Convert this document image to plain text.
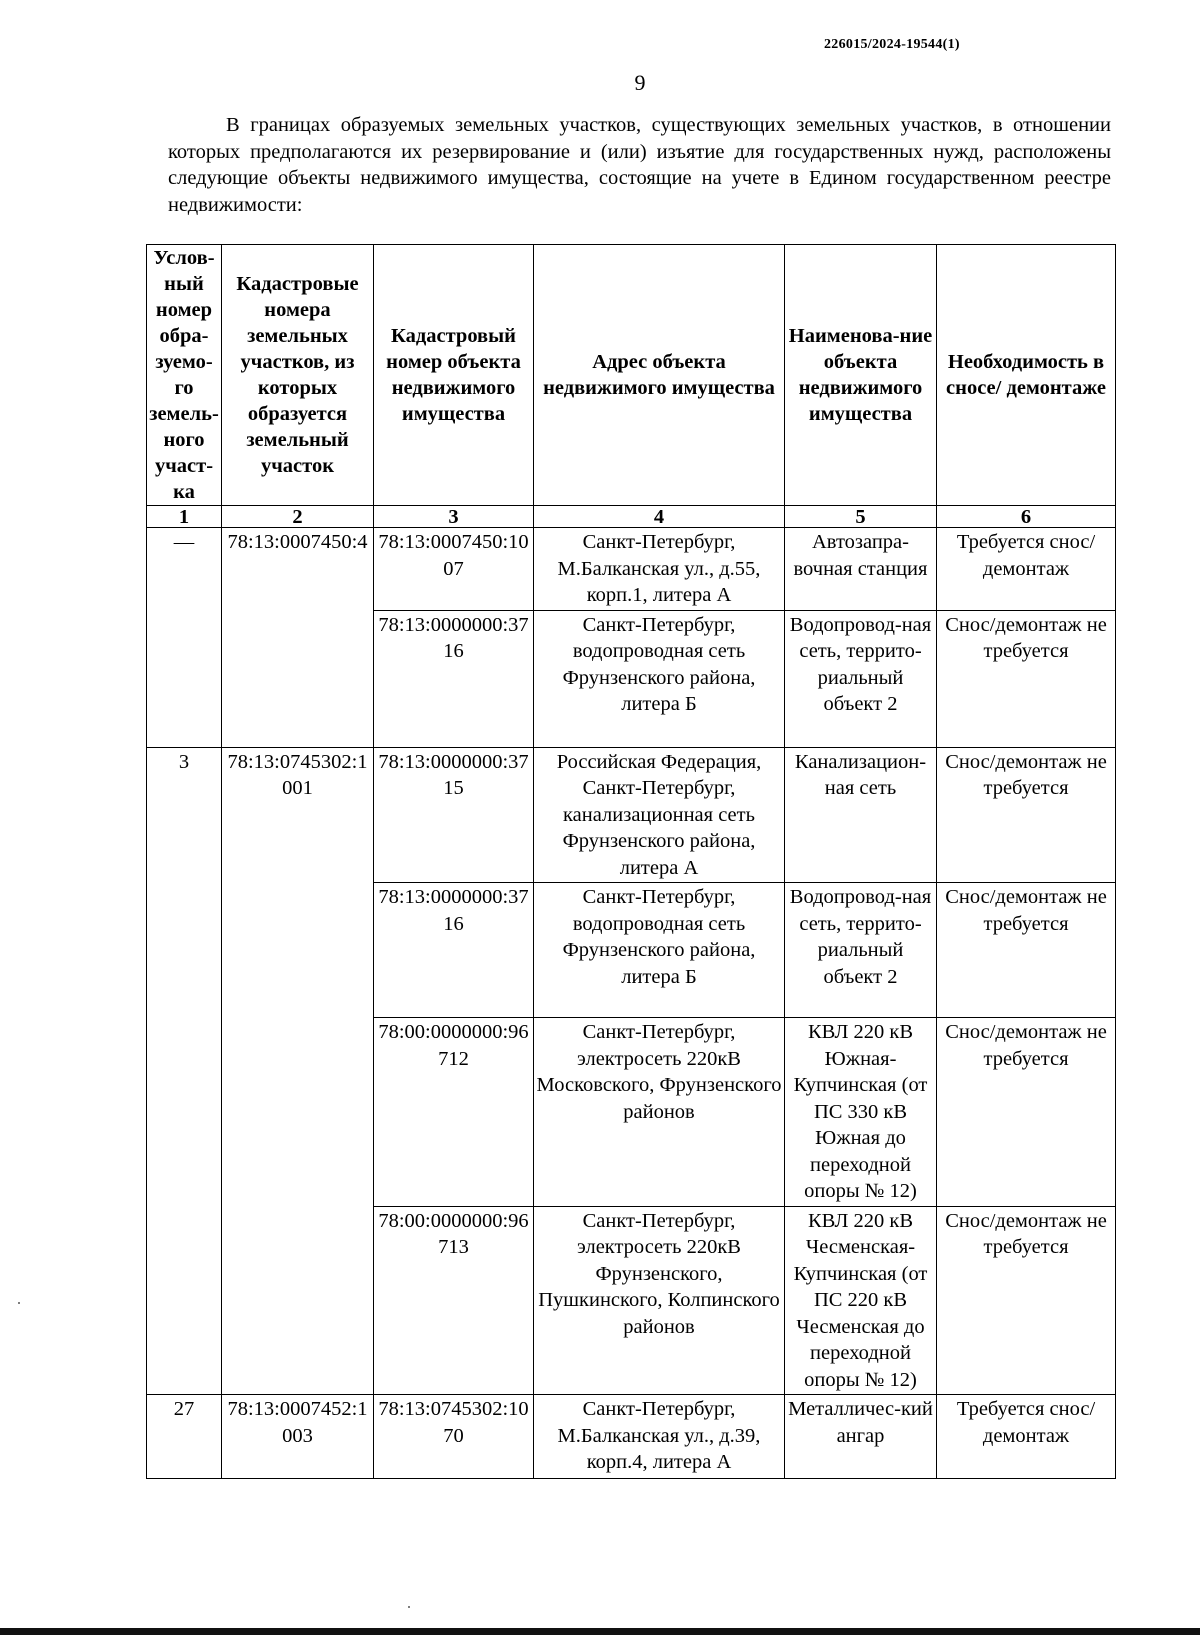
226015/2024-19544(1)
9

В границах образуемых земельных участков, существующих земельных участков, в отношении которых предполагаются их резервирование и (или) изъятие для государственных нужд, расположены следующие объекты недвижимого имущества, состоящие на учете в Едином государственном реестре недвижимости:

Услов-ный номер обра-зуемо-го земель-ного участ-ка	Кадастровые номера земельных участков, из которых образуется земельный участок	Кадастровый номер объекта недвижимого имущества	Адрес объекта недвижимого имущества	Наименова-ние объекта недвижимого имущества	Необходимость в сносе/ демонтаже
1	2	3	4	5	6
—	78:13:0007450:4	78:13:0007450:1007	Санкт-Петербург, М.Балканская ул., д.55, корп.1, литера А	Автозапра-вочная станция	Требуется снос/демонтаж
		78:13:0000000:3716	Санкт-Петербург, водопроводная сеть Фрунзенского района, литера Б	Водопровод-ная сеть, террито-риальный объект 2	Снос/демонтаж не требуется
3	78:13:0745302:1001	78:13:0000000:3715	Российская Федерация, Санкт-Петербург, канализационная сеть Фрунзенского района, литера А	Канализацион-ная сеть	Снос/демонтаж не требуется
		78:13:0000000:3716	Санкт-Петербург, водопроводная сеть Фрунзенского района, литера Б	Водопровод-ная сеть, террито-риальный объект 2	Снос/демонтаж не требуется
		78:00:0000000:96712	Санкт-Петербург, электросеть 220кВ Московского, Фрунзенского районов	КВЛ 220 кВ Южная-Купчинская (от ПС 330 кВ Южная до переходной опоры № 12)	Снос/демонтаж не требуется
		78:00:0000000:96713	Санкт-Петербург, электросеть 220кВ Фрунзенского, Пушкинского, Колпинского районов	КВЛ 220 кВ Чесменская-Купчинская (от ПС 220 кВ Чесменская до переходной опоры № 12)	Снос/демонтаж не требуется
27	78:13:0007452:1003	78:13:0745302:1070	Санкт-Петербург, М.Балканская ул., д.39, корп.4, литера А	Металличес-кий ангар	Требуется снос/демонтаж
